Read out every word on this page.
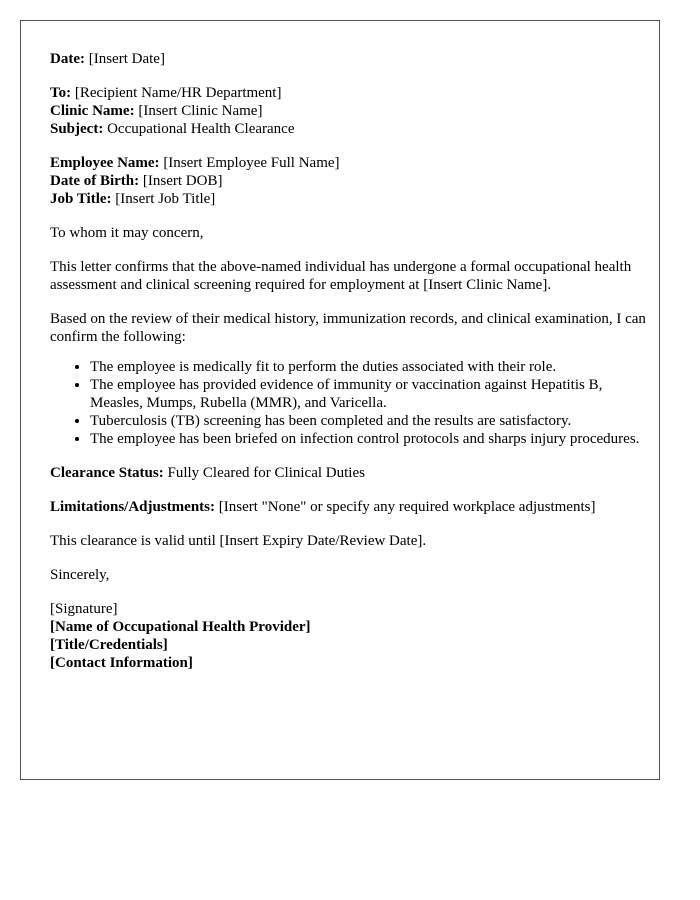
Date: [Insert Date]
To: [Recipient Name/HR Department]
Clinic Name: [Insert Clinic Name]
Subject: Occupational Health Clearance
Employee Name: [Insert Employee Full Name]
Date of Birth: [Insert DOB]
Job Title: [Insert Job Title]

To whom it may concern,

This letter confirms that the above-named individual has undergone a formal occupational health assessment and clinical screening required for employment at [Insert Clinic Name].

Based on the review of their medical history, immunization records, and clinical examination, I can confirm the following:

• The employee is medically fit to perform the duties associated with their role.
• The employee has provided evidence of immunity or vaccination against Hepatitis B, Measles, Mumps, Rubella (MMR), and Varicella.
• Tuberculosis (TB) screening has been completed and the results are satisfactory.
• The employee has been briefed on infection control protocols and sharps injury procedures.
Clearance Status: Fully Cleared for Clinical Duties
Limitations/Adjustments: [Insert "None" or specify any required workplace adjustments]

This clearance is valid until [Insert Expiry Date/Review Date].

Sincerely,

[Signature]
[Name of Occupational Health Provider]
[Title/Credentials]
[Contact Information]
